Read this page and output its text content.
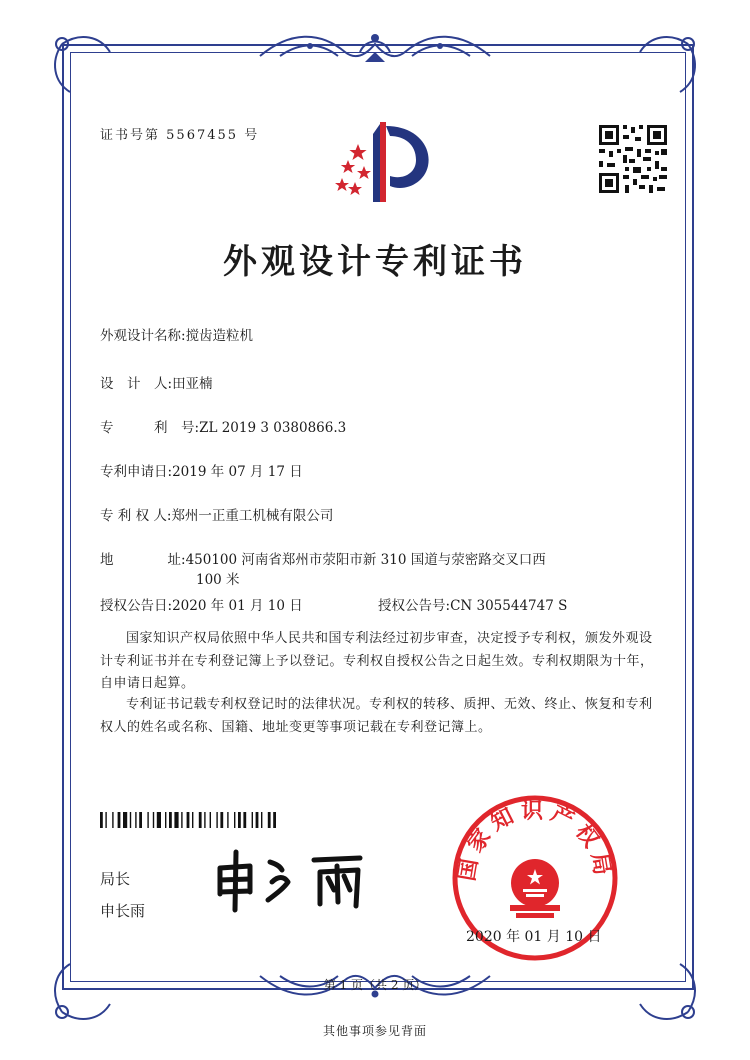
证书号第 5567455 号
外观设计专利证书
外观设计名称:搅齿造粒机
设　计　人:田亚楠
专　　　利　号:ZL 2019 3 0380866.3
专利申请日:2019 年 07 月 17 日
专 利 权 人:郑州一正重工机械有限公司
地　　　　址:450100 河南省郑州市荥阳市新 310 国道与荥密路交叉口西
100 米
授权公告日:2020 年 01 月 10 日	授权公告号:CN 305544747 S
国家知识产权局依照中华人民共和国专利法经过初步审查，决定授予专利权，颁发外观设计专利证书并在专利登记簿上予以登记。专利权自授权公告之日起生效。专利权期限为十年，自申请日起算。
专利证书记载专利权登记时的法律状况。专利权的转移、质押、无效、终止、恢复和专利权人的姓名或名称、国籍、地址变更等事项记载在专利登记簿上。
局长
申长雨
国家知识产权局
2020 年 01 月 10 日
第 1 页（共 2 页）
其他事项参见背面
